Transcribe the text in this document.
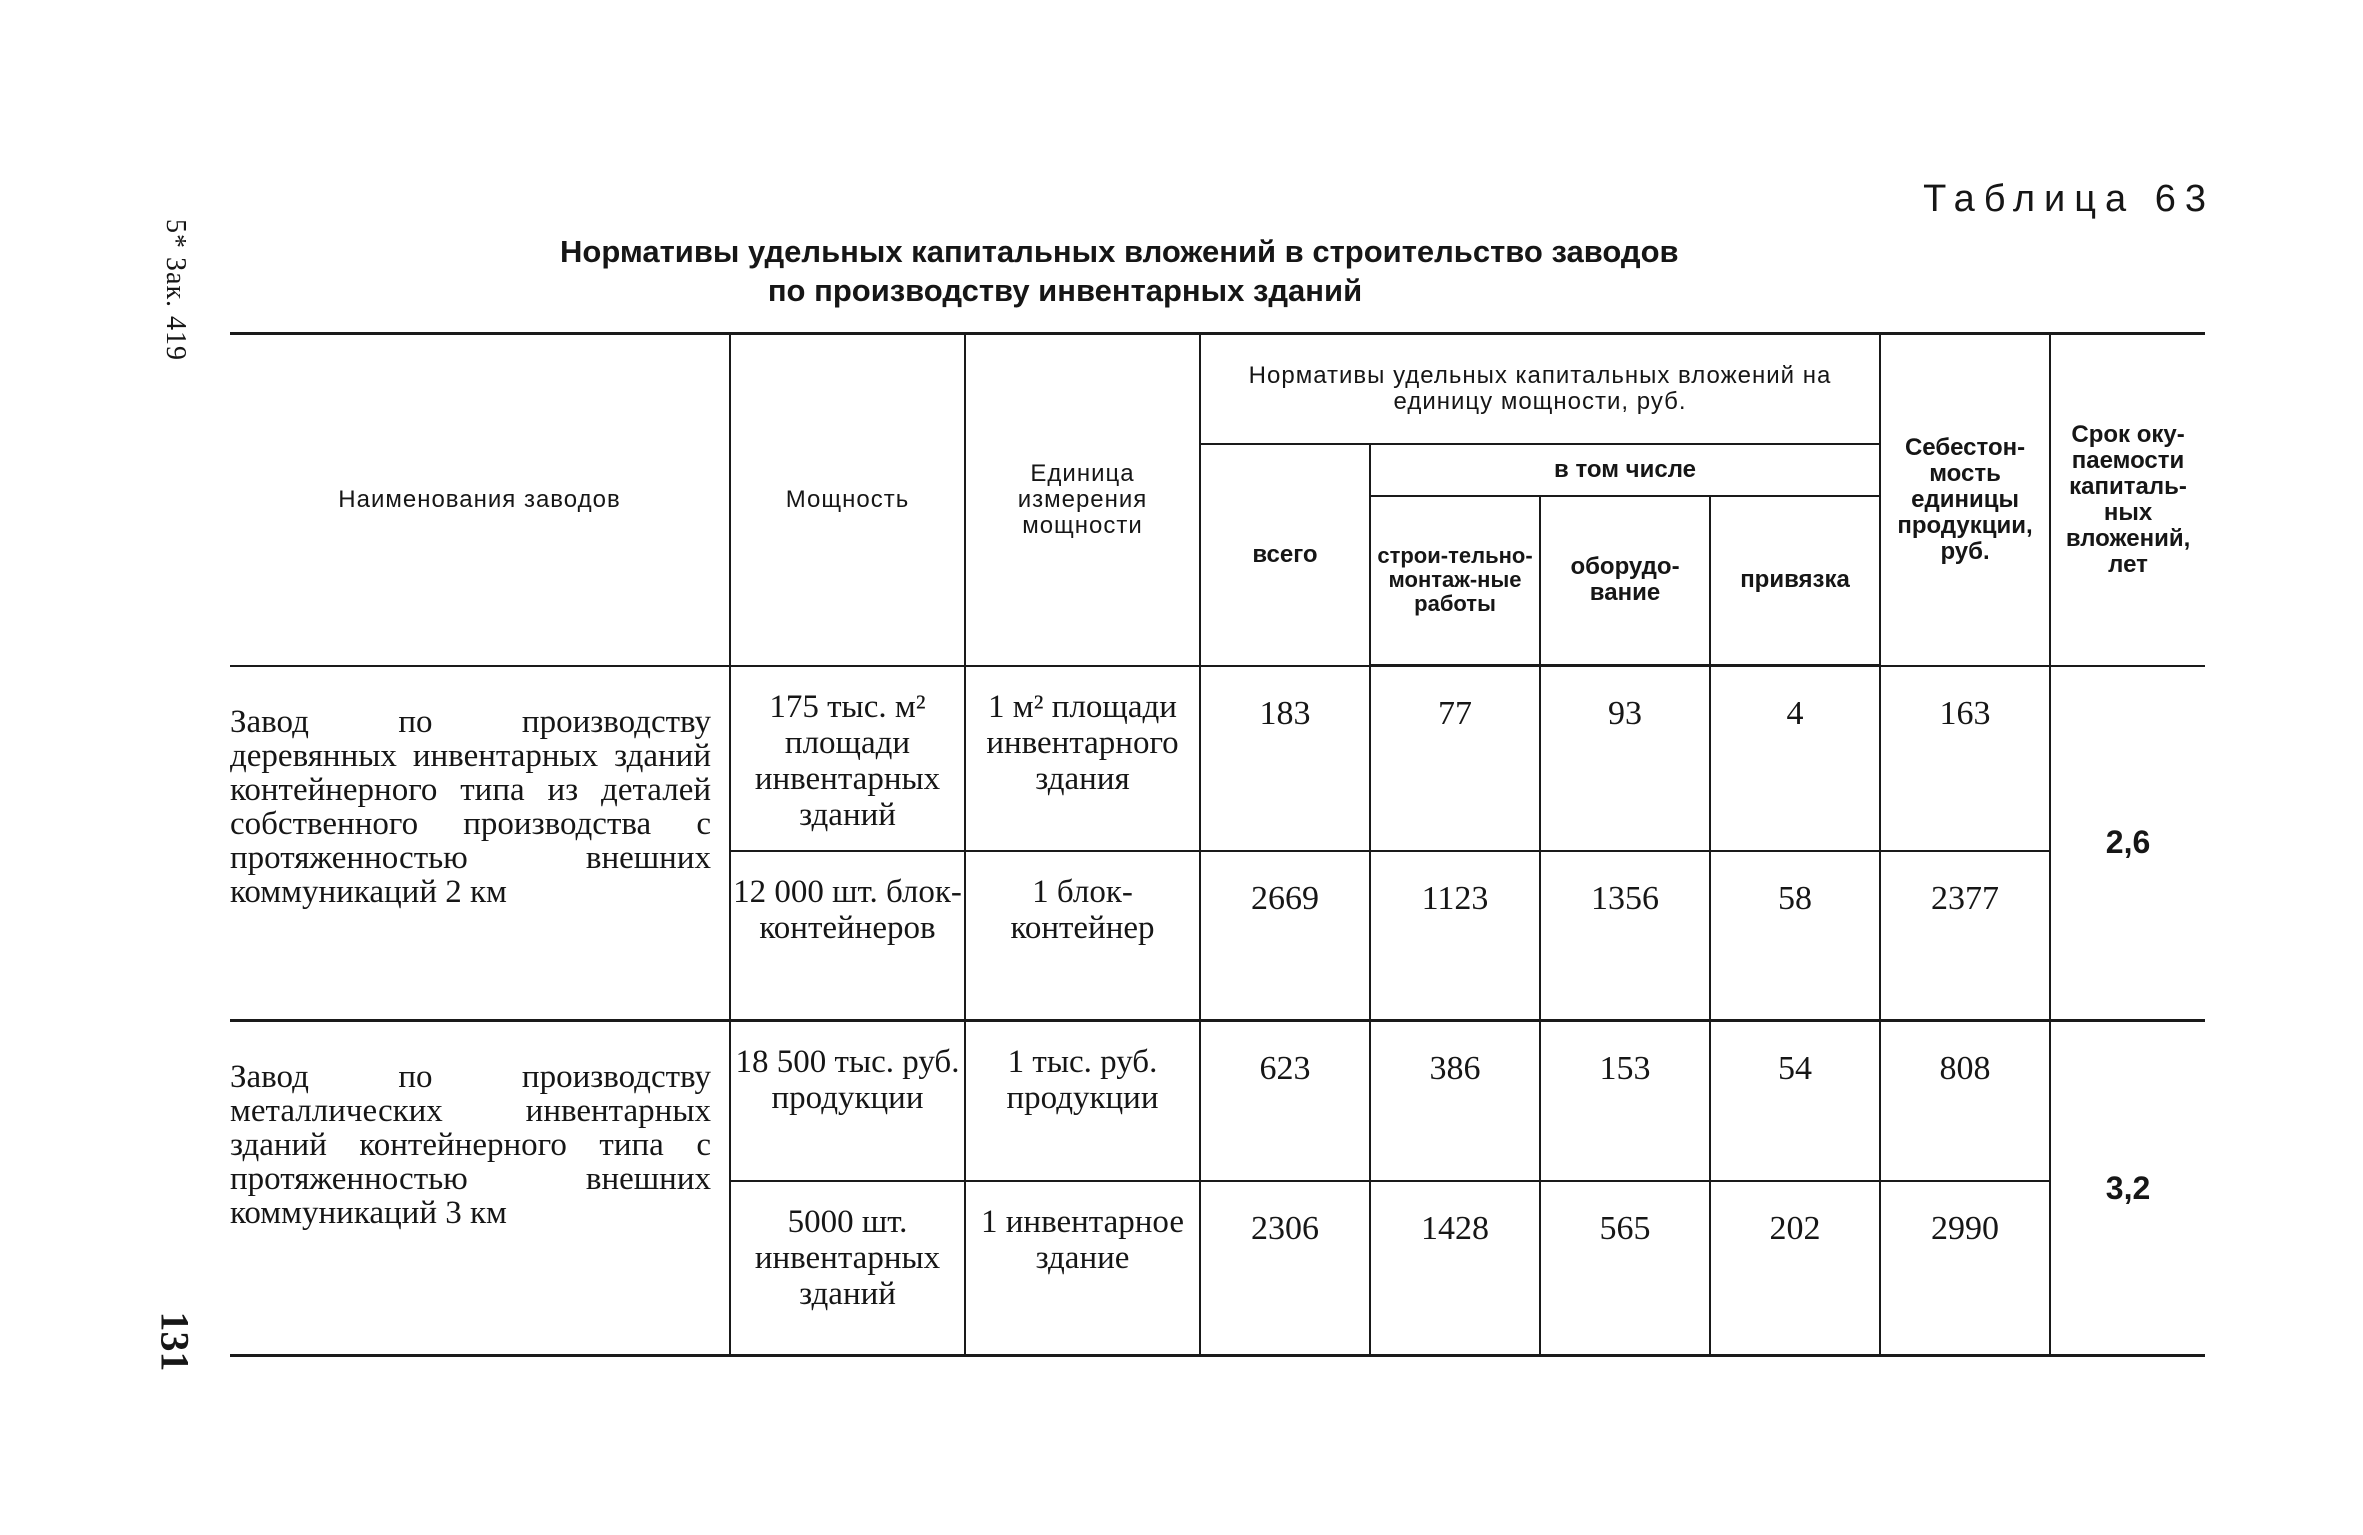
5* Зак. 419
131
Таблица 63
Нормативы удельных капитальных вложений в строительство заводов
по производству инвентарных зданий
Наименования заводов	Мощность	Единица измерения мощности	Нормативы удельных капитальных вложений на единицу мощности, руб.				Себестон-мость единицы продукции, руб.	Срок оку-паемости капиталь-ных вложений, лет
			всего	в том числе				
				строи-тельно-монтаж-ные работы	оборудо-вание	привязка		

Завод по производству деревянных инвентарных зданий контейнерного типа из деталей собственного производства с протяженностью внешних коммуникаций 2 км	175 тыс. м² площади инвентарных зданий	1 м² площади инвентарного здания	183	77	93	4	163	2,6

	12 000 шт. блок-контейнеров	1 блок-контейнер	2669	1123	1356	58	2377	

Завод по производству металлических инвентарных зданий контейнерного типа с протяженностью внешних коммуникаций 3 км	18 500 тыс. руб. продукции	1 тыс. руб. продукции	623	386	153	54	808	3,2

	5000 шт. инвентарных зданий	1 инвентарное здание	2306	1428	565	202	2990	
